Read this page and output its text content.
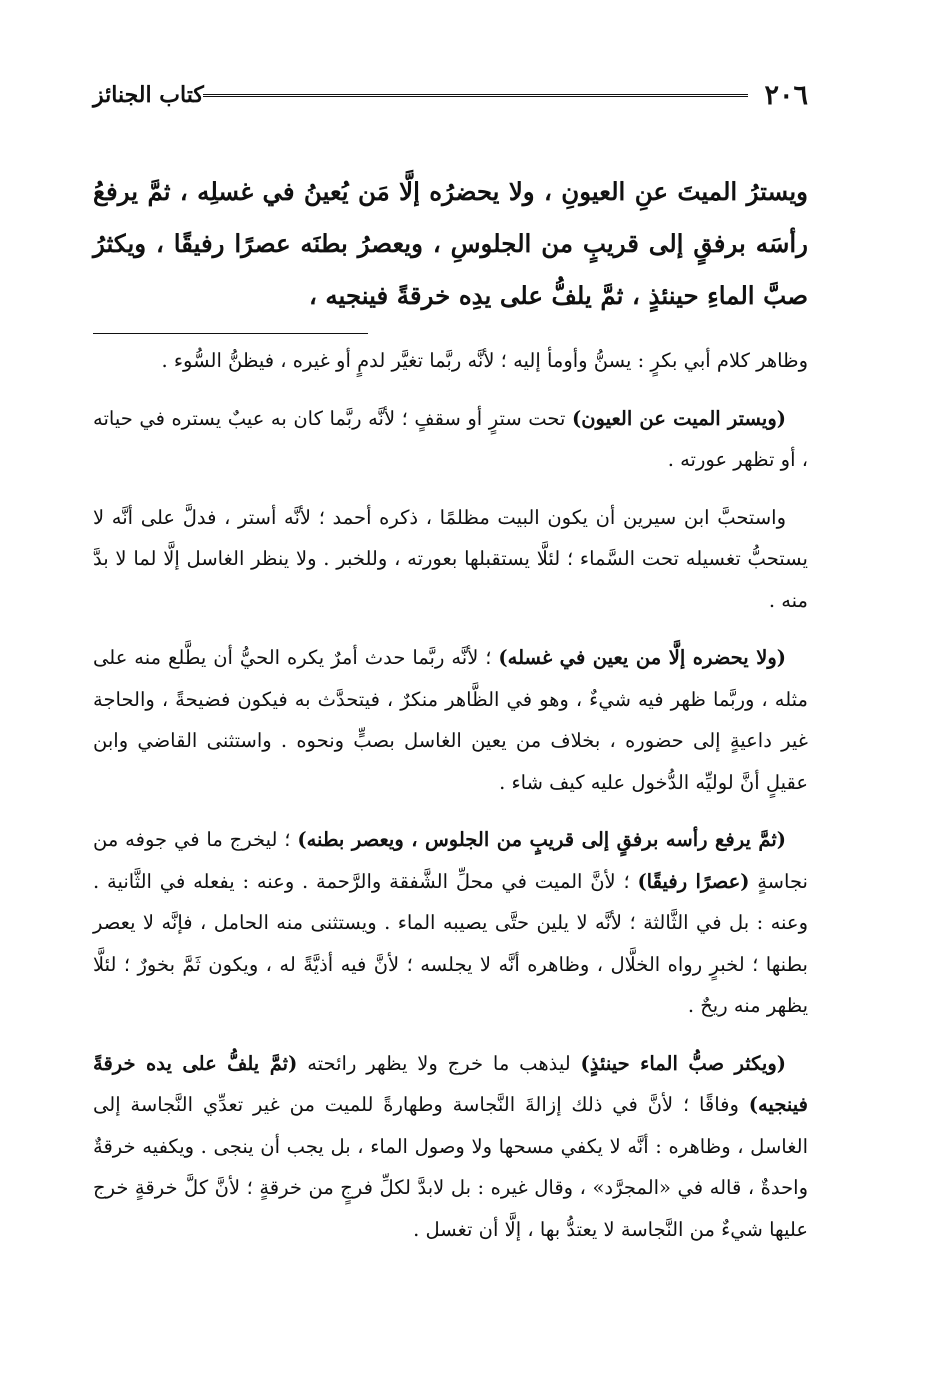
٢٠٦
كتاب الجنائز

ويسترُ الميتَ عنِ العيونِ ، ولا يحضرُه إلَّا مَن يُعينُ في غسلِه ، ثمَّ يرفعُ رأسَه برفقٍ إلى قريبٍ من الجلوسِ ، ويعصرُ بطنَه عصرًا رفيقًا ، ويكثرُ صبَّ الماءِ حينئذٍ ، ثمَّ يلفُّ على يدِه خرقةً فينجيه ،

وظاهر كلام أبي بكرٍ : يسنُّ وأومأ إليه ؛ لأنَّه ربَّما تغيَّر لدمٍ أو غيره ، فيظنُّ السُّوء .

(ويستر الميت عن العيون) تحت سترٍ أو سقفٍ ؛ لأنَّه ربَّما كان به عيبٌ يستره في حياته ، أو تظهر عورته .

واستحبَّ ابن سيرين أن يكون البيت مظلمًا ، ذكره أحمد ؛ لأنَّه أستر ، فدلَّ على أنَّه لا يستحبُّ تغسيله تحت السَّماء ؛ لئلَّا يستقبلها بعورته ، وللخبر . ولا ينظر الغاسل إلَّا لما لا بدَّ منه .

(ولا يحضره إلَّا من يعين في غسله) ؛ لأنَّه ربَّما حدث أمرٌ يكره الحيُّ أن يطَّلع منه على مثله ، وربَّما ظهر فيه شيءٌ ، وهو في الظَّاهر منكرٌ ، فيتحدَّث به فيكون فضيحةً ، والحاجة غير داعيةٍ إلى حضوره ، بخلاف من يعين الغاسل بصبٍّ ونحوه . واستثنى القاضي وابن عقيلٍ أنَّ لوليِّه الدُّخول عليه كيف شاء .

(ثمَّ يرفع رأسه برفقٍ إلى قريبٍ من الجلوس ، ويعصر بطنه) ؛ ليخرج ما في جوفه من نجاسةٍ (عصرًا رفيقًا) ؛ لأنَّ الميت في محلِّ الشَّفقة والرَّحمة . وعنه : يفعله في الثَّانية . وعنه : بل في الثَّالثة ؛ لأنَّه لا يلين حتَّى يصيبه الماء . ويستثنى منه الحامل ، فإنَّه لا يعصر بطنها ؛ لخبرٍ رواه الخلَّال ، وظاهره أنَّه لا يجلسه ؛ لأنَّ فيه أذيَّةً له ، ويكون ثَمَّ بخورٌ ؛ لئلَّا يظهر منه ريحٌ .

(ويكثر صبُّ الماء حينئذٍ) ليذهب ما خرج ولا يظهر رائحته (ثمَّ يلفُّ على يده خرقةً فينجيه) وفاقًا ؛ لأنَّ في ذلك إزالةَ النَّجاسة وطهارةً للميت من غير تعدِّي النَّجاسة إلى الغاسل ، وظاهره : أنَّه لا يكفي مسحها ولا وصول الماء ، بل يجب أن ينجى . ويكفيه خرقةٌ واحدةٌ ، قاله في «المجرَّد» ، وقال غيره : بل لابدَّ لكلِّ فرجٍ من خرقةٍ ؛ لأنَّ كلَّ خرقةٍ خرج عليها شيءٌ من النَّجاسة لا يعتدُّ بها ، إلَّا أن تغسل .
